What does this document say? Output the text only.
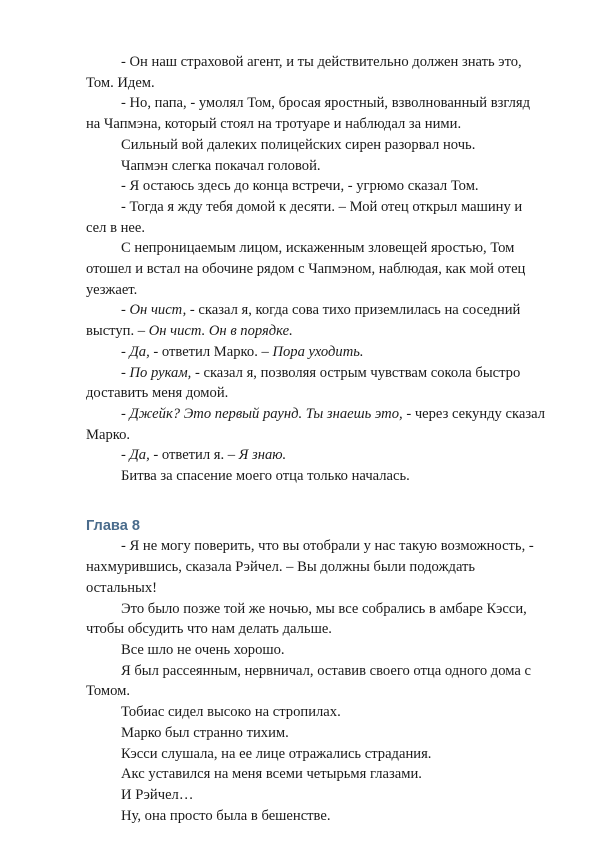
- Он наш страховой агент, и ты действительно должен знать это, Том. Идем.

- Но, папа, - умолял Том, бросая яростный, взволнованный взгляд на Чапмэна, который стоял на тротуаре и наблюдал за ними.

Сильный вой далеких полицейских сирен разорвал ночь.

Чапмэн слегка покачал головой.

- Я остаюсь здесь до конца встречи, - угрюмо сказал Том.

- Тогда я жду тебя домой к десяти. – Мой отец открыл машину и сел в нее.

С непроницаемым лицом, искаженным зловещей яростью, Том отошел и встал на обочине рядом с Чапмэном, наблюдая, как мой отец уезжает.

- Он чист, - сказал я, когда сова тихо приземлилась на соседний выступ. – Он чист. Он в порядке.

- Да, - ответил Марко. – Пора уходить.

- По рукам, - сказал я, позволяя острым чувствам сокола быстро доставить меня домой.

- Джейк? Это первый раунд. Ты знаешь это, - через секунду сказал Марко.

- Да, - ответил я. – Я знаю.

Битва за спасение моего отца только началась.

Глава 8

- Я не могу поверить, что вы отобрали у нас такую возможность, - нахмурившись, сказала Рэйчел. – Вы должны были подождать остальных!

Это было позже той же ночью, мы все собрались в амбаре Кэсси, чтобы обсудить что нам делать дальше.

Все шло не очень хорошо.

Я был рассеянным, нервничал, оставив своего отца одного дома с Томом.

Тобиас сидел высоко на стропилах.

Марко был странно тихим.

Кэсси слушала, на ее лице отражались страдания.

Акс уставился на меня всеми четырьмя глазами.

И Рэйчел…

Ну, она просто была в бешенстве.
